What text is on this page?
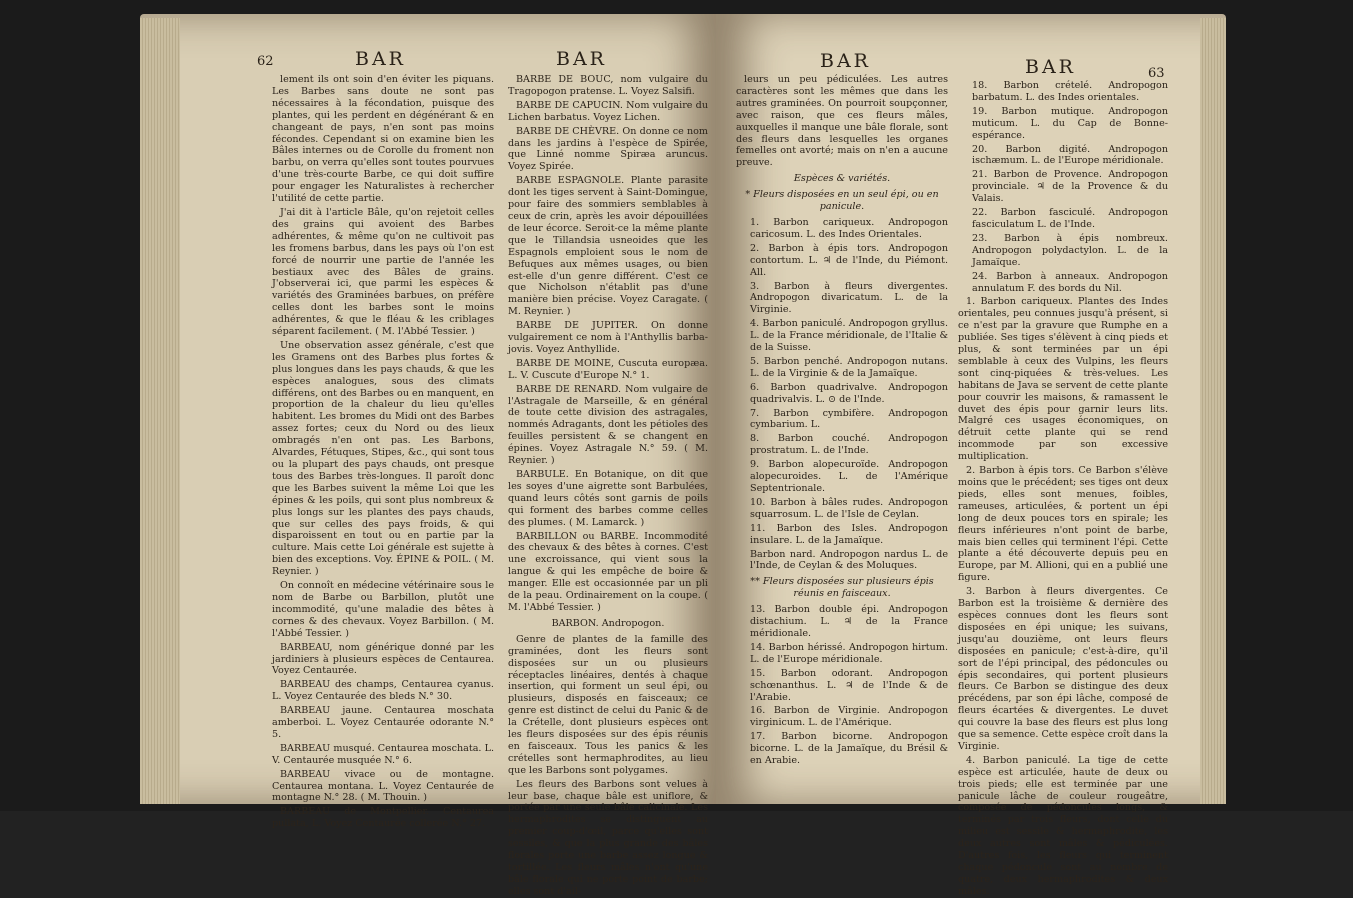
62	BAR	BAR

lement ils ont soin d'en éviter les piquans. Les Barbes sans doute ne sont pas nécessaires à la fécondation, puisque des plantes, qui les perdent en dégénérant & en changeant de pays, n'en sont pas moins fécondes. Cependant si on examine bien les Bâles internes ou de Corolle du froment non barbu, on verra qu'elles sont toutes pourvues d'une très-courte Barbe, ce qui doit suffire pour engager les Naturalistes à rechercher l'utilité de cette partie.

J'ai dit à l'article Bâle, qu'on rejetoit celles des grains qui avoient des Barbes adhérentes, & même qu'on ne cultivoit pas les fromens barbus, dans les pays où l'on est forcé de nourrir une partie de l'année les bestiaux avec des Bâles de grains. J'observerai ici, que parmi les espèces & variétés des Graminées barbues, on préfère celles dont les barbes sont le moins adhérentes, & que le fléau & les criblages séparent facilement. ( M. l'Abbé Tessier. )

Une observation assez générale, c'est que les Gramens ont des Barbes plus fortes & plus longues dans les pays chauds, & que les espèces analogues, sous des climats différens, ont des Barbes ou en manquent, en proportion de la chaleur du lieu qu'elles habitent. Les bromes du Midi ont des Barbes assez fortes; ceux du Nord ou des lieux ombragés n'en ont pas. Les Barbons, Alvardes, Fétuques, Stipes, &c., qui sont tous ou la plupart des pays chauds, ont presque tous des Barbes très-longues. Il paroît donc que les Barbes suivent la même Loi que les épines & les poils, qui sont plus nombreux & plus longs sur les plantes des pays chauds, que sur celles des pays froids, & qui disparoissent en tout ou en partie par la culture. Mais cette Loi générale est sujette à bien des exceptions. Voy. ÉPINE & POIL. ( M. Reynier. )

On connoît en médecine vétérinaire sous le nom de Barbe ou Barbillon, plutôt une incommodité, qu'une maladie des bêtes à cornes & des chevaux. Voyez Barbillon. ( M. l'Abbé Tessier. )

BARBEAU, nom générique donné par les jardiniers à plusieurs espèces de Centaurea. Voyez Centaurée.

BARBEAU des champs, Centaurea cyanus. L. Voyez Centaurée des bleds N.° 30.

BARBEAU jaune. Centaurea moschata amberboi. L. Voyez Centaurée odorante N.° 5.

BARBEAU musqué. Centaurea moschata. L. V. Centaurée musquée N.° 6.

BARBEAU vivace ou de montagne. Centaurea montana. L. Voyez Centaurée de montagne N.° 28. ( M. Thouin. )

BARBEAU de Montpellier. Centaurea pullata, L. Voyez Centaurée collerée N.° 27.

BARBE DE BOUC, nom vulgaire du Tragopogon pratense. L. Voyez Salsifi.

BARBE DE CAPUCIN. Nom vulgaire du Lichen barbatus. Voyez Lichen.

BARBE DE CHÈVRE. On donne ce nom dans les jardins à l'espèce de Spirée, que Linné nomme Spiræa aruncus. Voyez Spirée.

BARBE ESPAGNOLE. Plante parasite dont les tiges servent à Saint-Domingue, pour faire des sommiers semblables à ceux de crin, après les avoir dépouillées de leur écorce. Seroit-ce la même plante que le Tillandsia usneoides que les Espagnols emploient sous le nom de Befuques aux mêmes usages, ou bien est-elle d'un genre différent. C'est ce que Nicholson n'établit pas d'une manière bien précise. Voyez Caragate. ( M. Reynier. )

BARBE DE JUPITER. On donne vulgairement ce nom à l'Anthyllis barba-jovis. Voyez Anthyllide.

BARBE DE MOINE, Cuscuta europæa. L. V. Cuscute d'Europe N.° 1.

BARBE DE RENARD. Nom vulgaire de l'Astragale de Marseille, & en général de toute cette division des astragales, nommés Adragants, dont les pétioles des feuilles persistent & se changent en épines. Voyez Astragale N.° 59. ( M. Reynier. )

BARBULE. En Botanique, on dit que les soyes d'une aigrette sont Barbulées, quand leurs côtés sont garnis de poils qui forment des barbes comme celles des plumes. ( M. Lamarck. )

BARBILLON ou BARBE. Incommodité des chevaux & des bêtes à cornes. C'est une excroissance, qui vient sous la langue & qui les empêche de boire & manger. Elle est occasionnée par un pli de la peau. Ordinairement on la coupe. ( M. l'Abbé Tessier. )

BARBON. Andropogon.

Genre de plantes de la famille des graminées, dont les fleurs sont disposées sur un ou plusieurs réceptacles linéaires, dentés à chaque insertion, qui forment un seul épi, ou plusieurs, disposés en faisceaux; ce genre est distinct de celui du Panic & de la Crételle, dont plusieurs espèces ont les fleurs disposées sur des épis réunis en faisceaux. Tous les panics & les crételles sont hermaphrodites, au lieu que les Barbons sont polygames.

Les fleurs des Barbons sont velues à leur base, chaque bâle est uniflore, & portée par une seule bâle calicinale. Les hermaphrodites se distinguent au premier coup-d'œil, parce qu'elles sont sessiles, & que la plus grande des bâles florales porte une barbe assez longue & tortillée. Les fleurs mâles n'ont qu'une bâle florale qui ne porte point de barbe; elles sont d'ail-

BAR	BAR	63

leurs un peu pédiculées. Les autres caractères sont les mêmes que dans les autres graminées. On pourroit soupçonner, avec raison, que ces fleurs mâles, auxquelles il manque une bâle florale, sont des fleurs dans lesquelles les organes femelles ont avorté; mais on n'en a aucune preuve.

Espèces & variétés.

* Fleurs disposées en un seul épi, ou en panicule.

1. Barbon cariqueux. Andropogon caricosum. L. des Indes Orientales.

2. Barbon à épis tors. Andropogon contortum. L. ♃ de l'Inde, du Piémont. All.

3. Barbon à fleurs divergentes. Andropogon divaricatum. L. de la Virginie.

4. Barbon paniculé. Andropogon gryllus. L. de la France méridionale, de l'Italie & de la Suisse.

5. Barbon penché. Andropogon nutans. L. de la Virginie & de la Jamaïque.

6. Barbon quadrivalve. Andropogon quadrivalvis. L. ⊙ de l'Inde.

7. Barbon cymbifère. Andropogon cymbarium. L.

8. Barbon couché. Andropogon prostratum. L. de l'Inde.

9. Barbon alopecuroïde. Andropogon alopecuroides. L. de l'Amérique Septentrionale.

10. Barbon à bâles rudes. Andropogon squarrosum. L. de l'Isle de Ceylan.

11. Barbon des Isles. Andropogon insulare. L. de la Jamaïque.

Barbon nard. Andropogon nardus L. de l'Inde, de Ceylan & des Moluques.

** Fleurs disposées sur plusieurs épis réunis en faisceaux.

13. Barbon double épi. Andropogon distachium. L. ♃ de la France méridionale.

14. Barbon hérissé. Andropogon hirtum. L. de l'Europe méridionale.

15. Barbon odorant. Andropogon schœnanthus. L. ♃ de l'Inde & de l'Arabie.

16. Barbon de Virginie. Andropogon virginicum. L. de l'Amérique.

17. Barbon bicorne. Andropogon bicorne. L. de la Jamaïque, du Brésil & en Arabie.

18. Barbon crételé. Andropogon barbatum. L. des Indes orientales.

19. Barbon mutique. Andropogon muticum. L. du Cap de Bonne-espérance.

20. Barbon digité. Andropogon ischæmum. L. de l'Europe méridionale.

21. Barbon de Provence. Andropogon provinciale. ♃ de la Provence & du Valais.

22. Barbon fasciculé. Andropogon fasciculatum L. de l'Inde.

23. Barbon à épis nombreux. Andropogon polydactylon. L. de la Jamaïque.

24. Barbon à anneaux. Andropogon annulatum F. des bords du Nil.

1. Barbon cariqueux. Plantes des Indes orientales, peu connues jusqu'à présent, si ce n'est par la gravure que Rumphe en a publiée. Ses tiges s'élèvent à cinq pieds et plus, & sont terminées par un épi semblable à ceux des Vulpins, les fleurs sont cinq-piquées & très-velues. Les habitans de Java se servent de cette plante pour couvrir les maisons, & ramassent le duvet des épis pour garnir leurs lits. Malgré ces usages économiques, on détruit cette plante qui se rend incommode par son excessive multiplication.

2. Barbon à épis tors. Ce Barbon s'élève moins que le précédent; ses tiges ont deux pieds, elles sont menues, foibles, rameuses, articulées, & portent un épi long de deux pouces tors en spirale; les fleurs inférieures n'ont point de barbe, mais bien celles qui terminent l'épi. Cette plante a été découverte depuis peu en Europe, par M. Allioni, qui en a publié une figure.

3. Barbon à fleurs divergentes. Ce Barbon est la troisième & dernière des espèces connues dont les fleurs sont disposées en épi unique; les suivans, jusqu'au douzième, ont leurs fleurs disposées en panicule; c'est-à-dire, qu'il sort de l'épi principal, des pédoncules ou épis secondaires, qui portent plusieurs fleurs. Ce Barbon se distingue des deux précédens, par son épi lâche, composé de fleurs écartées & divergentes. Le duvet qui couvre la base des fleurs est plus long que sa semence. Cette espèce croît dans la Virginie.

4. Barbon paniculé. La tige de cette espèce est articulée, haute de deux ou trois pieds; elle est terminée par une panicule lâche de couleur rougeâtre, composée de pédoncules longs, & terminés par trois fleurs, dont celle du milieu est sessile & hermaphrodite, les deux autres sont mâles & pédiculées. D'autres fois, les fleurs qui terminent chaque pédoncule sont au nombre de quatre, deux hermaphrodites & deux mâles.
